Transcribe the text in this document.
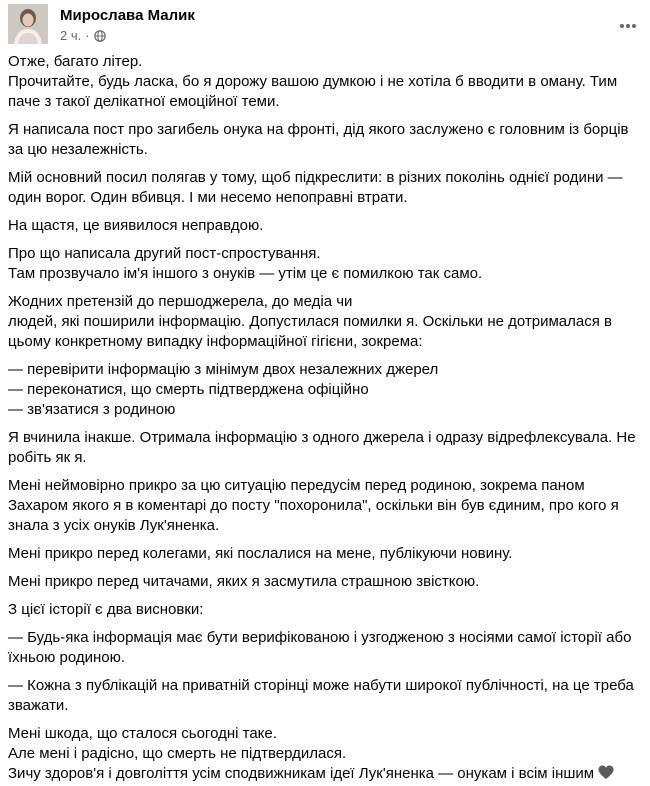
Мирослава Малик
2 ч. ·
Отже, багато літер.
Прочитайте, будь ласка, бо я дорожу вашою думкою і не хотіла б вводити в оману. Тим паче з такої делікатної емоційної теми.
Я написала пост про загибель онука на фронті, дід якого заслужено є головним із борців за цю незалежність.
Мій основний посил полягав у тому, щоб підкреслити: в різних поколінь однієї родини — один ворог. Один вбивця. І ми несемо непоправні втрати.
На щастя, це виявилося неправдою.
Про що написала другий пост-спростування.
Там прозвучало ім'я іншого з онуків — утім це є помилкою так само.
Жодних претензій до першоджерела, до медіа чи
людей, які поширили інформацію. Допустилася помилки я. Оскільки не дотрималася в цьому конкретному випадку інформаційної гігієни, зокрема:
— перевірити інформацію з мінімум двох незалежних джерел
— переконатися, що смерть підтверджена офіційно
— зв'язатися з родиною
Я вчинила інакше. Отримала інформацію з одного джерела і одразу відрефлексувала. Не робіть як я.
Мені неймовірно прикро за цю ситуацію передусім перед родиною, зокрема паном Захаром якого я в коментарі до посту "похоронила", оскільки він був єдиним, про кого я знала з усіх онуків Лук'яненка.
Мені прикро перед колегами, які послалися на мене, публікуючи новину.
Мені прикро перед читачами, яких я засмутила страшною звісткою.
З цієї історії є два висновки:
— Будь-яка інформація має бути верифікованою і узгодженою з носіями самої історії або їхньою родиною.
— Кожна з публікацій на приватній сторінці може набути широкої публічності, на це треба зважати.
Мені шкода, що сталося сьогодні таке.
Але мені і радісно, що смерть не підтвердилася.
Зичу здоров'я і довголіття усім сподвижникам ідеї Лук'яненка — онукам і всім іншим
